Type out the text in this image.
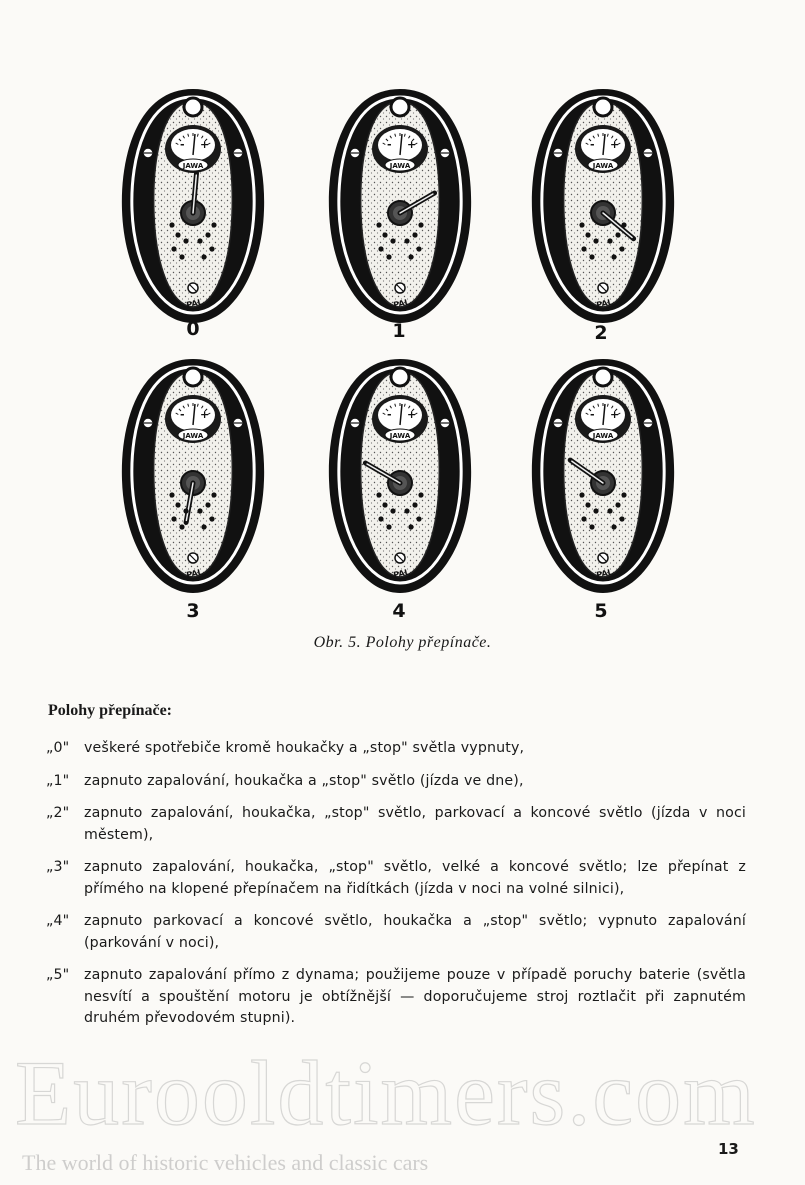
- +
JAWA
PAL
- +
JAWA
PAL
- +
JAWA
PAL
- +
JAWA
PAL
- +
JAWA
PAL
- +
JAWA
PAL
0	1	2
3	4	5
Obr. 5. Polohy přepínače.
Polohy přepínače:
„0"	veškeré spotřebiče kromě houkačky a „stop" světla vypnuty,
„1"	zapnuto zapalování, houkačka a „stop" světlo (jízda ve dne),
„2"	zapnuto zapalování, houkačka, „stop" světlo, parkovací a koncové světlo (jízda v noci městem),
„3"	zapnuto zapalování, houkačka, „stop" světlo, velké a koncové světlo; lze přepínat z přímého na klopené přepínačem na řidítkách (jízda v noci na volné silnici),
„4"	zapnuto parkovací a koncové světlo, houkačka a „stop" světlo; vypnuto zapalování (parkování v noci),
„5"	zapnuto zapalování přímo z dynama; použijeme pouze v případě poruchy baterie (světla nesvítí a spouštění motoru je obtížnější — doporučujeme stroj roztlačit při zapnutém druhém převodovém stupni).
Eurooldtimers.com
The world of historic vehicles and classic cars
13
